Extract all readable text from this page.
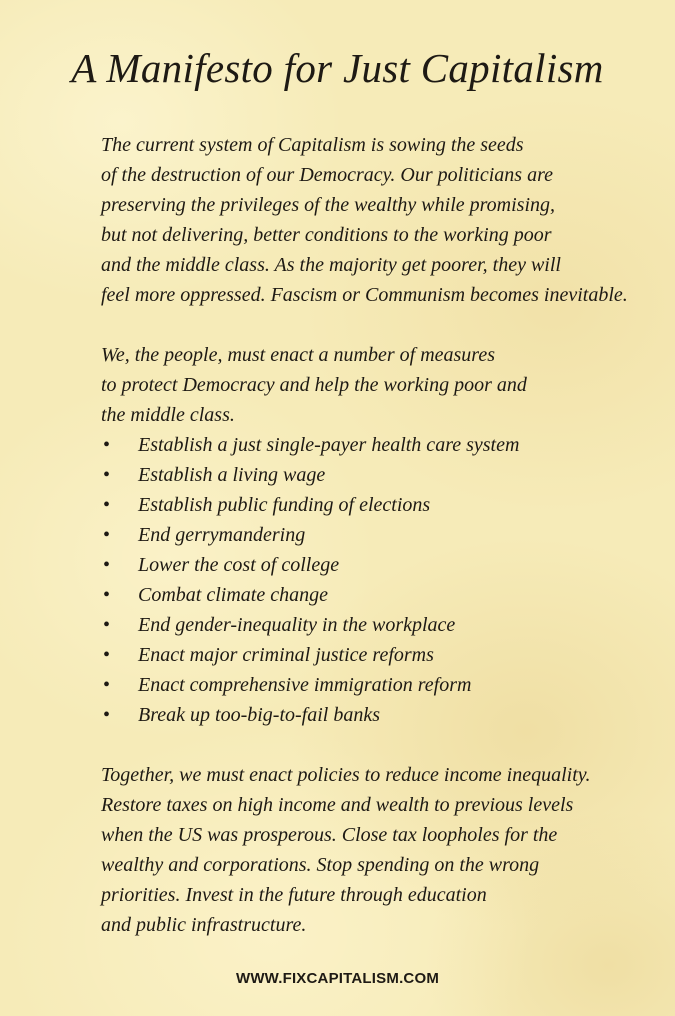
A Manifesto for Just Capitalism
The current system of Capitalism is sowing the seeds
of the destruction of our Democracy. Our politicians are
preserving the privileges of the wealthy while promising,
but not delivering, better conditions to the working poor
and the middle class. As the majority get poorer, they will
feel more oppressed. Fascism or Communism becomes inevitable.
We, the people, must enact a number of measures
to protect Democracy and help the working poor and
the middle class.
• Establish a just single-payer health care system
• Establish a living wage
• Establish public funding of elections
• End gerrymandering
• Lower the cost of college
• Combat climate change
• End gender-inequality in the workplace
• Enact major criminal justice reforms
• Enact comprehensive immigration reform
• Break up too-big-to-fail banks
Together, we must enact policies to reduce income inequality.
Restore taxes on high income and wealth to previous levels
when the US was prosperous. Close tax loopholes for the
wealthy and corporations. Stop spending on the wrong
priorities. Invest in the future through education
and public infrastructure.
WWW.FIXCAPITALISM.COM
